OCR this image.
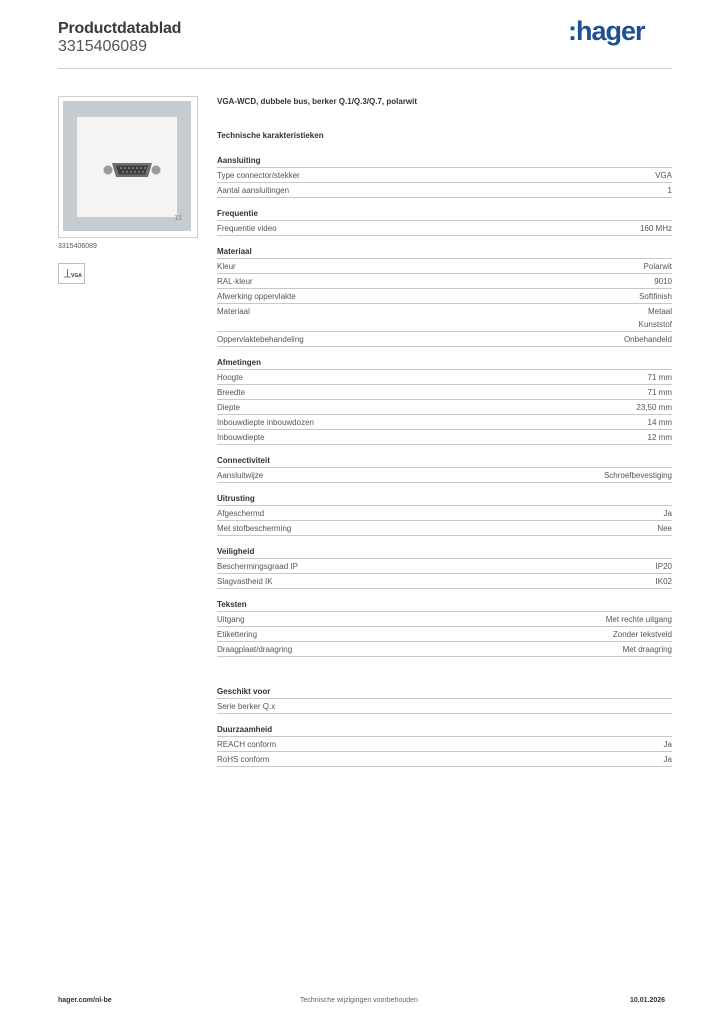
Productdatablad
3315406089
:hager
15
3315406089
VGA
VGA-WCD, dubbele bus, berker Q.1/Q.3/Q.7, polarwit
Technische karakteristieken
Aansluiting
Type connector/stekker	VGA
Aantal aansluitingen	1
Frequentie
Frequentie video	160 MHz
Materiaal
Kleur	Polarwit
RAL-kleur	9010
Afwerking oppervlakte	Softfinish
Materiaal	Metaal
Kunststof
Oppervlaktebehandeling	Onbehandeld
Afmetingen
Hoogte	71 mm
Breedte	71 mm
Diepte	23,50 mm
Inbouwdiepte inbouwdozen	14 mm
Inbouwdiepte	12 mm
Connectiviteit
Aansluitwijze	Schroefbevestiging
Uitrusting
Afgeschermd	Ja
Met stofbescherming	Nee
Veiligheid
Beschermingsgraad IP	IP20
Slagvastheid IK	IK02
Teksten
Uitgang	Met rechte uitgang
Etikettering	Zonder tekstveld
Draagplaat/draagring	Met draagring
Geschikt voor
Serie berker Q.x
Duurzaamheid
REACH conform	Ja
RoHS conform	Ja
hager.com/nl-be	Technische wijzigingen voorbehouden	10.01.2026
